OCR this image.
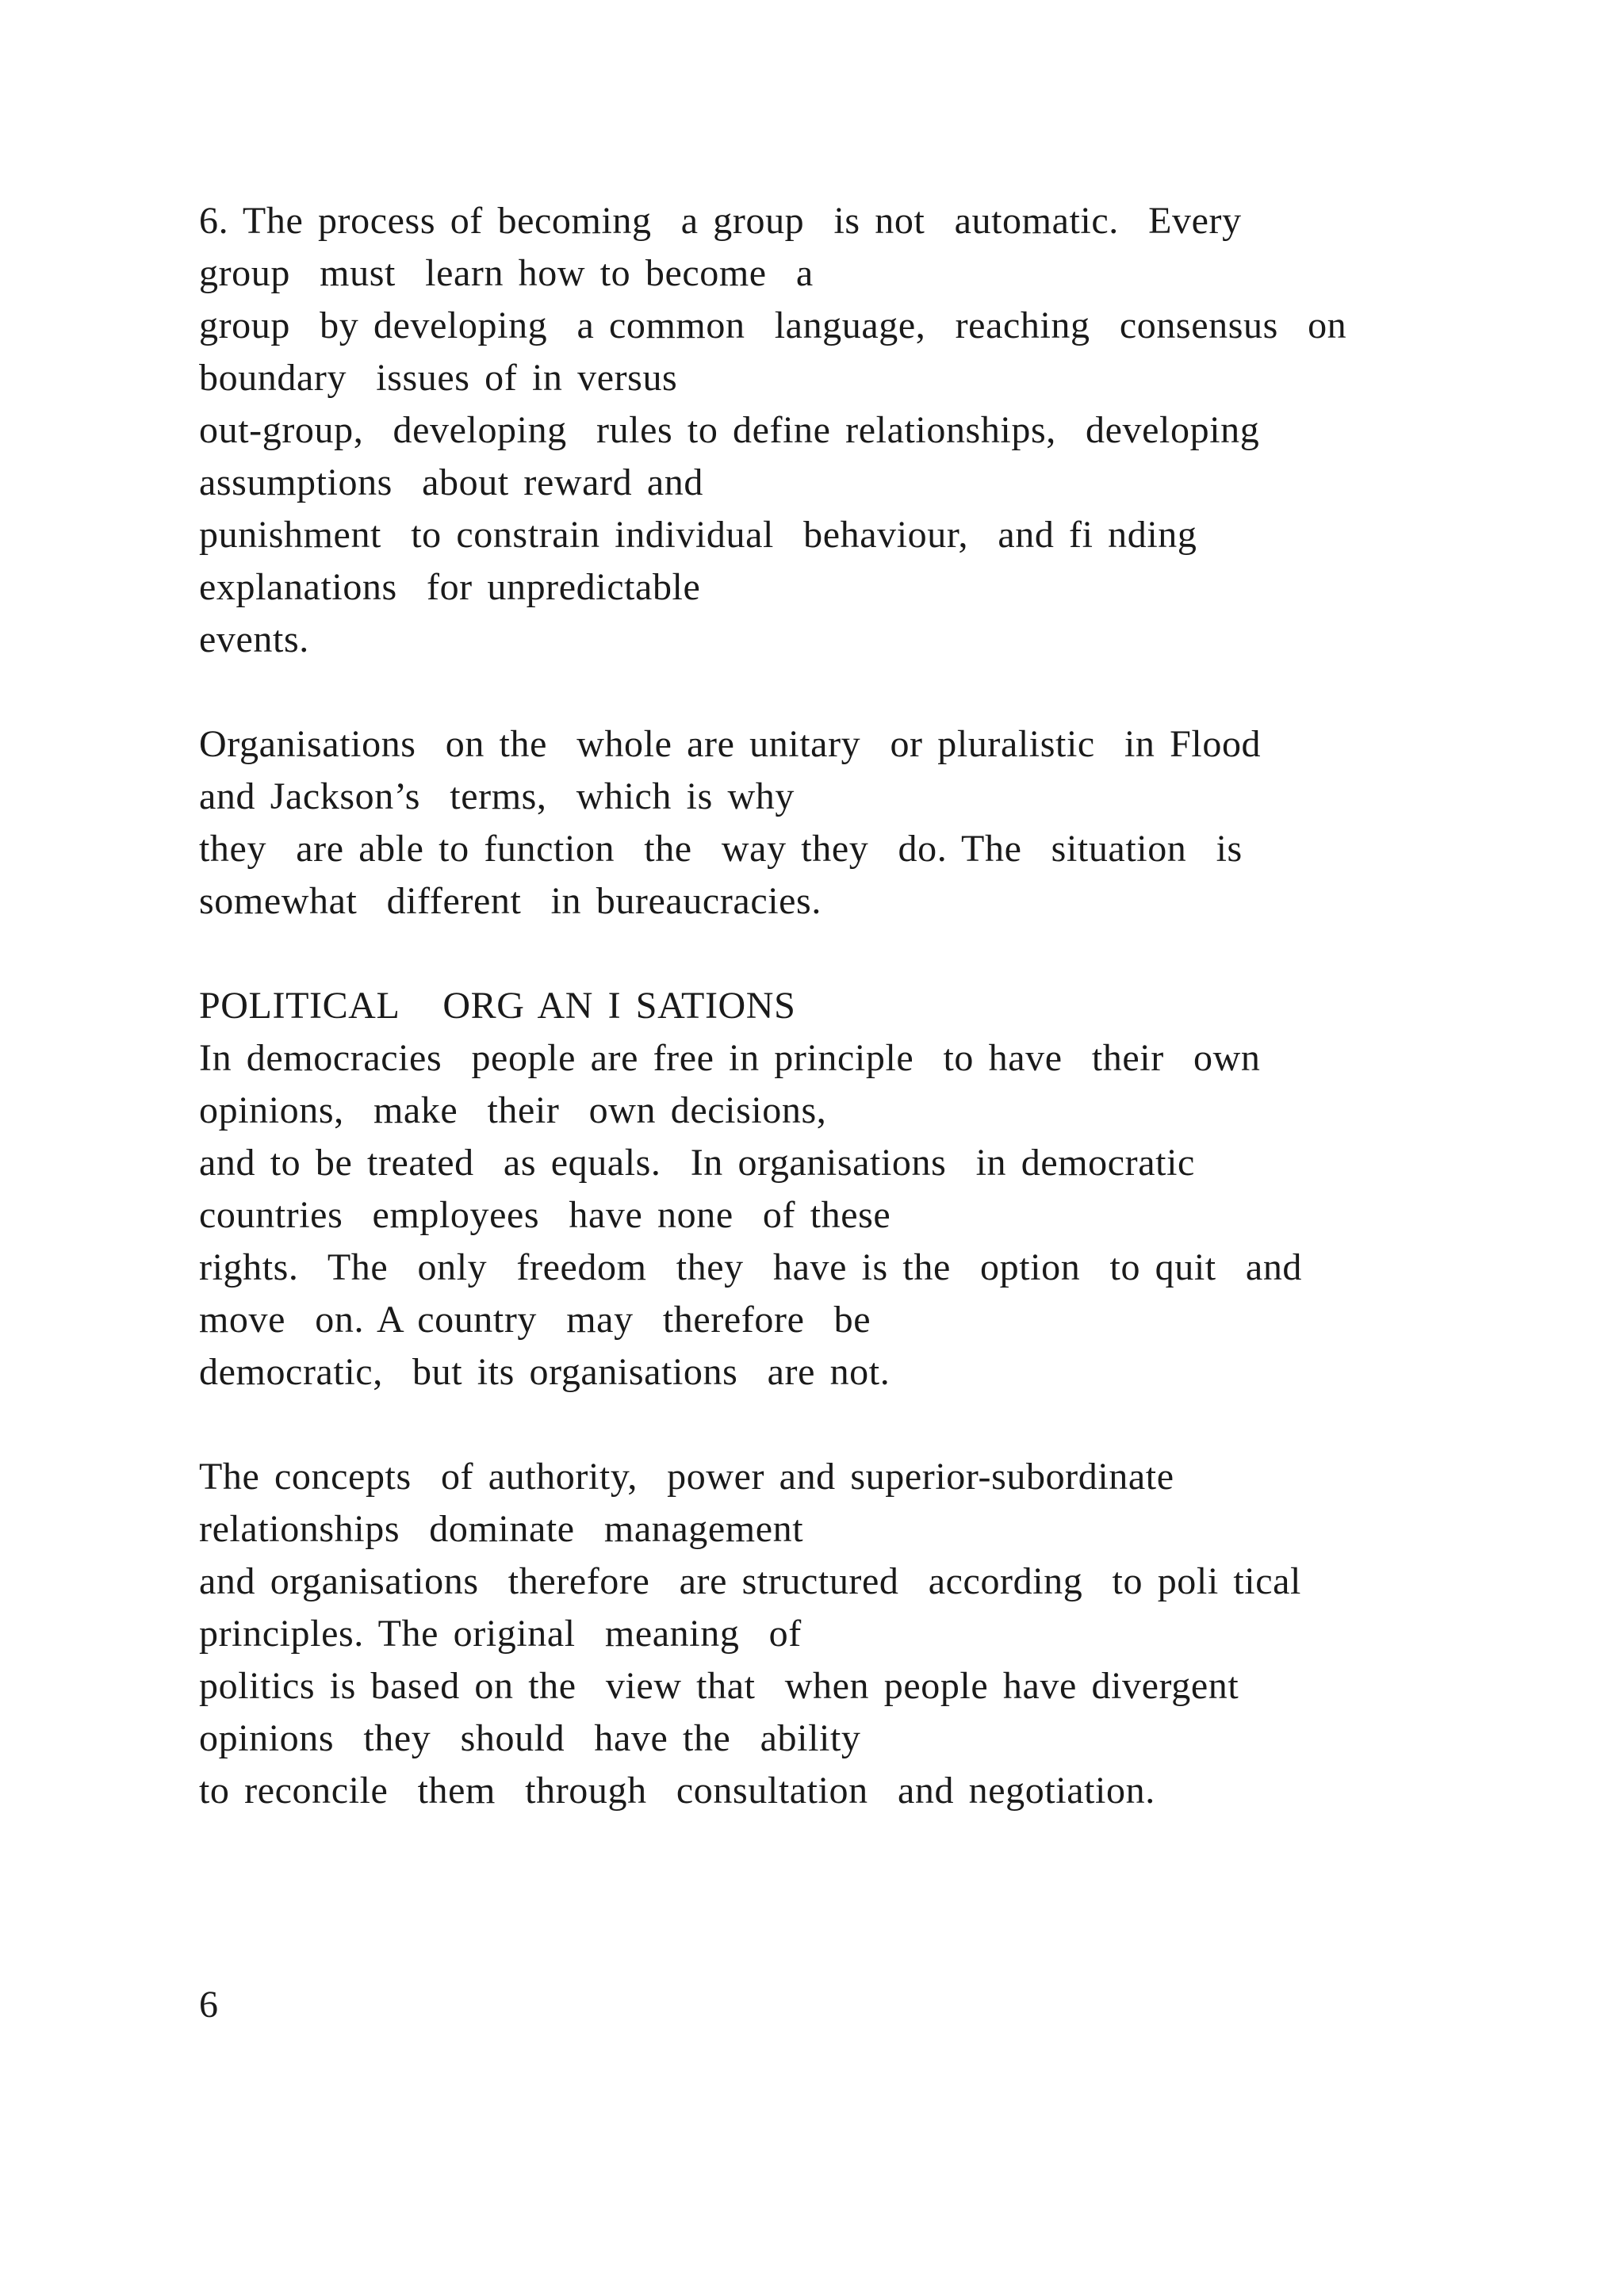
6. The process of becoming  a group  is not  automatic.  Every
group  must  learn how to become  a
group  by developing  a common  language,  reaching  consensus  on
boundary  issues of in versus
out-group,  developing  rules to define relationships,  developing
assumptions  about reward and
punishment  to constrain individual  behaviour,  and fi nding
explanations  for unpredictable
events.
Organisations  on the  whole are unitary  or pluralistic  in Flood
and Jackson’s  terms,  which is why
they  are able to function  the  way they  do. The  situation  is
somewhat  different  in bureaucracies.
POLITICAL   ORG AN I SATIONS
In democracies  people are free in principle  to have  their  own
opinions,  make  their  own decisions,
and to be treated  as equals.  In organisations  in democratic
countries  employees  have none  of these
rights.  The  only  freedom  they  have is the  option  to quit  and
move  on. A country  may  therefore  be
democratic,  but its organisations  are not.
The concepts  of authority,  power and superior-subordinate
relationships  dominate  management
and organisations  therefore  are structured  according  to poli tical
principles. The original  meaning  of
politics is based on the  view that  when people have divergent
opinions  they  should  have the  ability
to reconcile  them  through  consultation  and negotiation.
6
